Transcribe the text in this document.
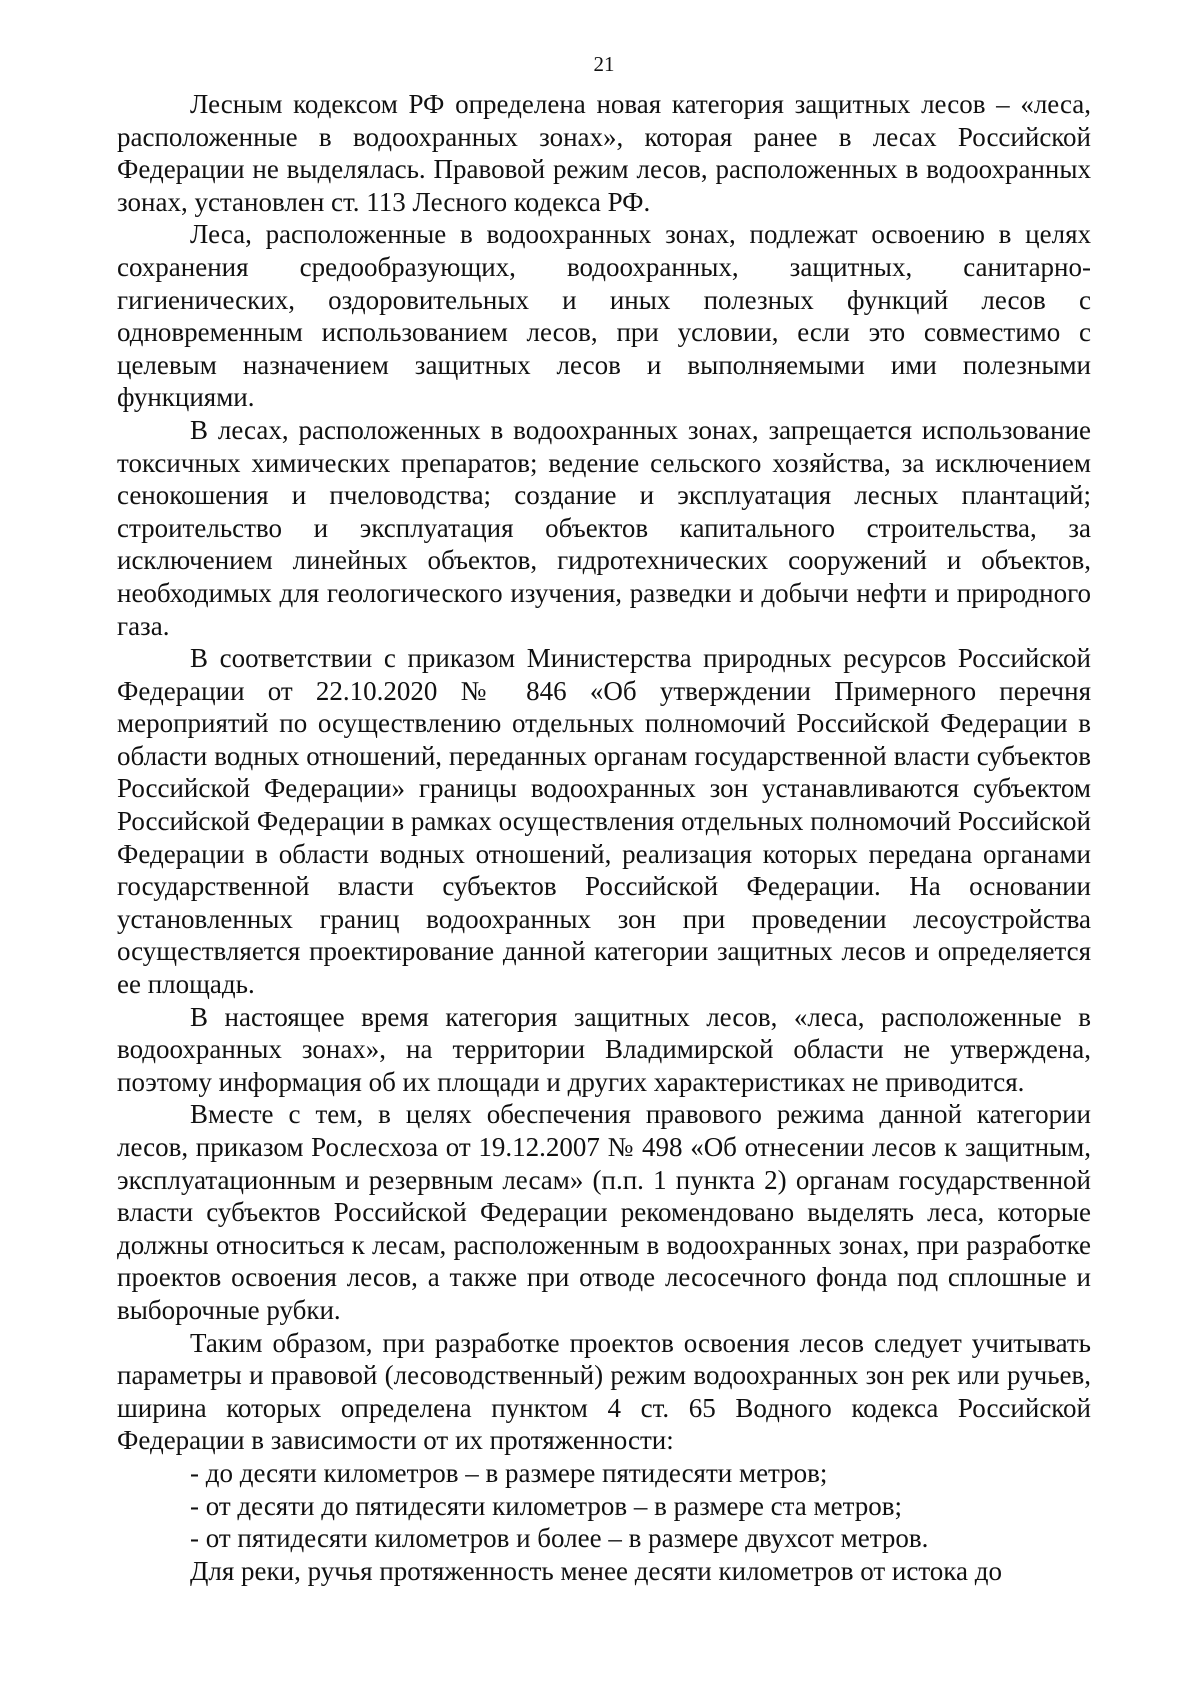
21

Лесным кодексом РФ определена новая категория защитных лесов – «леса, расположенные в водоохранных зонах», которая ранее в лесах Российской Федерации не выделялась. Правовой режим лесов, расположенных в водоохранных зонах, установлен ст. 113 Лесного кодекса РФ.

Леса, расположенные в водоохранных зонах, подлежат освоению в целях сохранения средообразующих, водоохранных, защитных, санитарно-гигиенических, оздоровительных и иных полезных функций лесов с одновременным использованием лесов, при условии, если это совместимо с целевым назначением защитных лесов и выполняемыми ими полезными функциями.

В лесах, расположенных в водоохранных зонах, запрещается использование токсичных химических препаратов; ведение сельского хозяйства, за исключением сенокошения и пчеловодства; создание и эксплуатация лесных плантаций; строительство и эксплуатация объектов капитального строительства, за исключением линейных объектов, гидротехнических сооружений и объектов, необходимых для геологического изучения, разведки и добычи нефти и природного газа.

В соответствии с приказом Министерства природных ресурсов Российской Федерации от 22.10.2020 № 846 «Об утверждении Примерного перечня мероприятий по осуществлению отдельных полномочий Российской Федерации в области водных отношений, переданных органам государственной власти субъектов Российской Федерации» границы водоохранных зон устанавливаются субъектом Российской Федерации в рамках осуществления отдельных полномочий Российской Федерации в области водных отношений, реализация которых передана органами государственной власти субъектов Российской Федерации. На основании установленных границ водоохранных зон при проведении лесоустройства осуществляется проектирование данной категории защитных лесов и определяется ее площадь.

В настоящее время категория защитных лесов, «леса, расположенные в водоохранных зонах», на территории Владимирской области не утверждена, поэтому информация об их площади и других характеристиках не приводится.

Вместе с тем, в целях обеспечения правового режима данной категории лесов, приказом Рослесхоза от 19.12.2007 № 498 «Об отнесении лесов к защитным, эксплуатационным и резервным лесам» (п.п. 1 пункта 2) органам государственной власти субъектов Российской Федерации рекомендовано выделять леса, которые должны относиться к лесам, расположенным в водоохранных зонах, при разработке проектов освоения лесов, а также при отводе лесосечного фонда под сплошные и выборочные рубки.

Таким образом, при разработке проектов освоения лесов следует учитывать параметры и правовой (лесоводственный) режим водоохранных зон рек или ручьев, ширина которых определена пунктом 4 ст. 65 Водного кодекса Российской Федерации в зависимости от их протяженности:

- до десяти километров – в размере пятидесяти метров;

- от десяти до пятидесяти километров – в размере ста метров;

- от пятидесяти километров и более – в размере двухсот метров.

Для реки, ручья протяженность менее десяти километров от истока до
